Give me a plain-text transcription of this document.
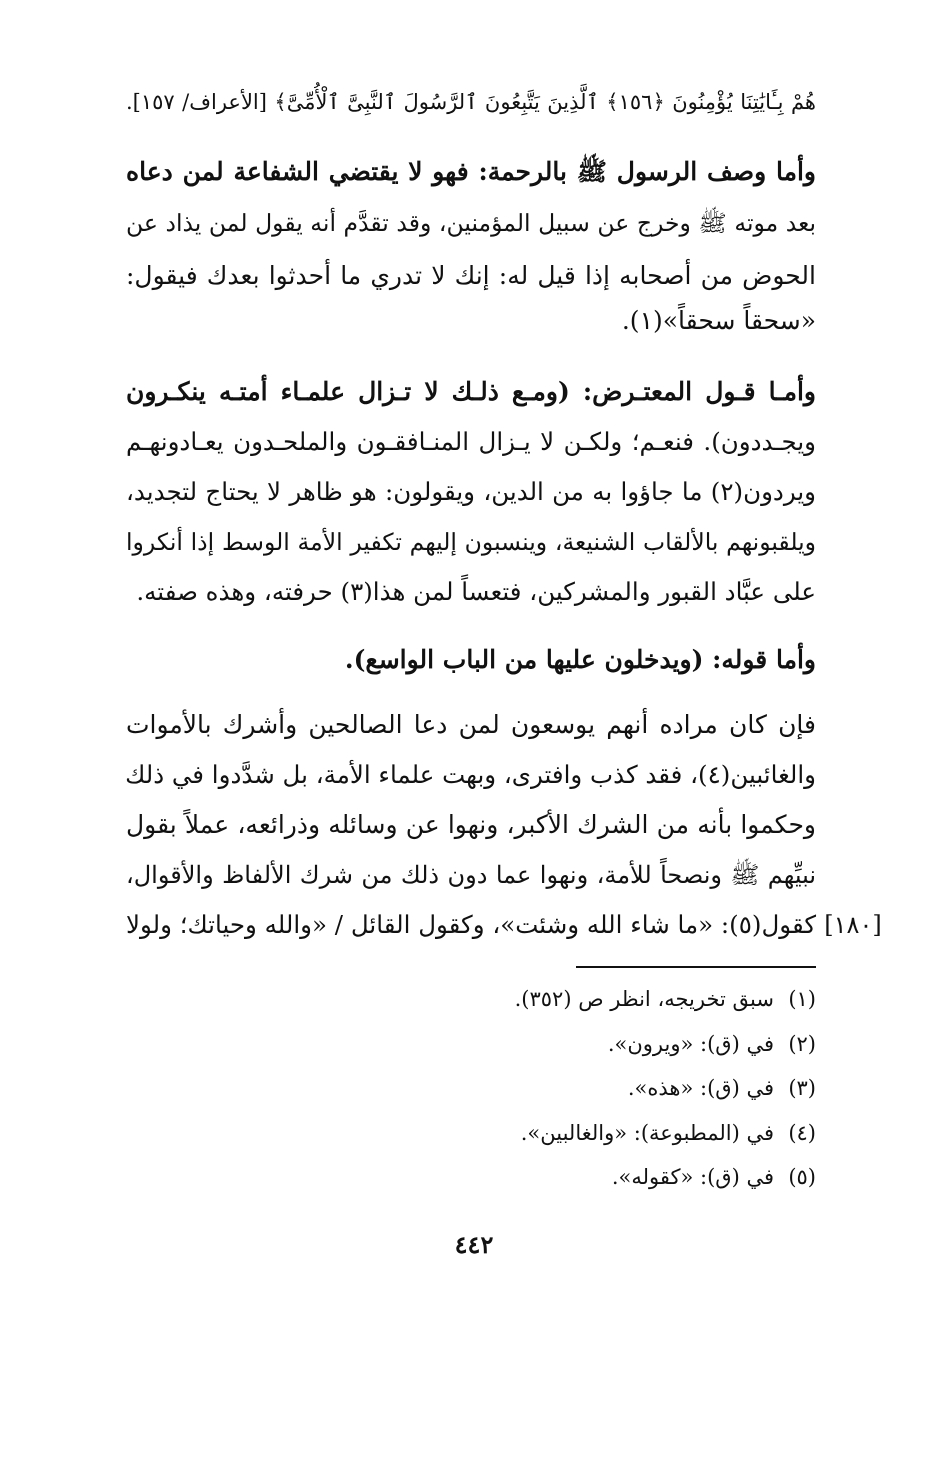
هُمْ بِـَٔايَٰتِنَا يُؤْمِنُونَ ﴿١٥٦﴾ ٱلَّذِينَ يَتَّبِعُونَ ٱلرَّسُولَ ٱلنَّبِىَّ ٱلْأُمِّىَّ﴾ [الأعراف/ ١٥٧].
وأما وصف الرسول ﷺ بالرحمة: فهو لا يقتضي الشفاعة لمن دعاه
بعد موته ﷺ وخرج عن سبيل المؤمنين، وقد تقدَّم أنه يقول لمن يذاد عن
الحوض من أصحابه إذا قيل له: إنك لا تدري ما أحدثوا بعدك فيقول:
«سحقاً سحقاً»(١).
وأمـا قـول المعتـرض: (ومـع ذلـك لا تـزال علمـاء أمتـه ينكـرون
ويجـددون). فنعـم؛ ولكـن لا يـزال المنـافقـون والملحـدون يعـادونهـم
ويردون(٢) ما جاؤوا به من الدين، ويقولون: هو ظاهر لا يحتاج لتجديد،
ويلقبونهم بالألقاب الشنيعة، وينسبون إليهم تكفير الأمة الوسط إذا أنكروا
على عبَّاد القبور والمشركين، فتعساً لمن هذا(٣) حرفته، وهذه صفته.
وأما قوله: (ويدخلون عليها من الباب الواسع).
فإن كان مراده أنهم يوسعون لمن دعا الصالحين وأشرك بالأموات
والغائبين(٤)، فقد كذب وافترى، وبهت علماء الأمة، بل شدَّدوا في ذلك
وحكموا بأنه من الشرك الأكبر، ونهوا عن وسائله وذرائعه، عملاً بقول
نبيِّهم ﷺ ونصحاً للأمة، ونهوا عما دون ذلك من شرك الألفاظ والأقوال،
كقول(٥): «ما شاء الله وشئت»، وكقول القائل / «والله وحياتك؛ ولولا [١٨٠]
(١)سبق تخريجه، انظر ص (٣٥٢).
(٢)في (ق): «ويرون».
(٣)في (ق): «هذه».
(٤)في (المطبوعة): «والغالبين».
(٥)في (ق): «كقوله».
٤٤٢
